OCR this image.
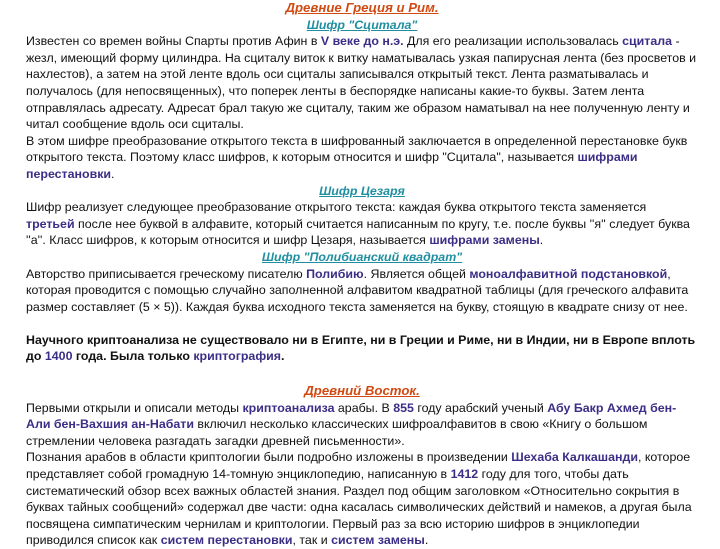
Древние Греция и Рим.

Шифр "Сцитала"

Известен со времен войны Спарты против Афин в V веке до н.э. Для его реализации использовалась сциталa - жезл, имеющий форму цилиндра. На сциталу виток к витку наматывалась узкая папирусная лента (без просветов и нахлестов), а затем на этой ленте вдоль оси сциталы записывался открытый текст. Лента разматывалась и получалось (для непосвященных), что поперек ленты в беспорядке написаны какие-то буквы. Затем лента отправлялась адресату. Адресат брал такую же сциталу, таким же образом наматывал на нее полученную ленту и читал сообщение вдоль оси сциталы.

В этом шифре преобразование открытого текста в шифрованный заключается в определенной перестановке букв открытого текста. Поэтому класс шифров, к которым относится и шифр "Сцитала", называется шифрами перестановки.

Шифр Цезаря

Шифр реализует следующее преобразование открытого текста: каждая буква открытого текста заменяется третьей после нее буквой в алфавите, который считается написанным по кругу, т.е. после буквы ''я'' следует буква ''а''. Класс шифров, к которым относится и шифр Цезаря, называется шифрами замены.

Шифр "Полибианский квадрат"

Авторство приписывается греческому писателю Полибию. Является общей моноалфавитной подстановкой, которая проводится с помощью случайно заполненной алфавитом квадратной таблицы (для греческого алфавита размер составляет (5 × 5)). Каждая буква исходного текста заменяется на букву, стоящую в квадрате снизу от нее.

Научного криптоанализа не существовало ни в Египте, ни в Греции и Риме, ни в Индии, ни в Европе вплоть до 1400 года. Была только криптография.

Древний Восток.

Первыми открыли и описали методы криптоанализа арабы. В 855 году арабский ученый Абу Бакр Ахмед бен-Али бен-Вахшия ан-Набати включил несколько классических шифроалфавитов в свою «Книгу о большом стремлении человека разгадать загадки древней письменности».

Познания арабов в области криптологии были подробно изложены в произведении Шехаба Калкашанди, которое представляет собой громадную 14-томную энциклопедию, написанную в 1412 году для того, чтобы дать систематический обзор всех важных областей знания. Раздел под общим заголовком «Относительно сокрытия в буквах тайных сообщений» содержал две части: одна касалась символических действий и намеков, а другая была посвящена симпатическим чернилам и криптологии. Первый раз за всю историю шифров в энциклопедии приводился список как систем перестановки, так и систем замены.
